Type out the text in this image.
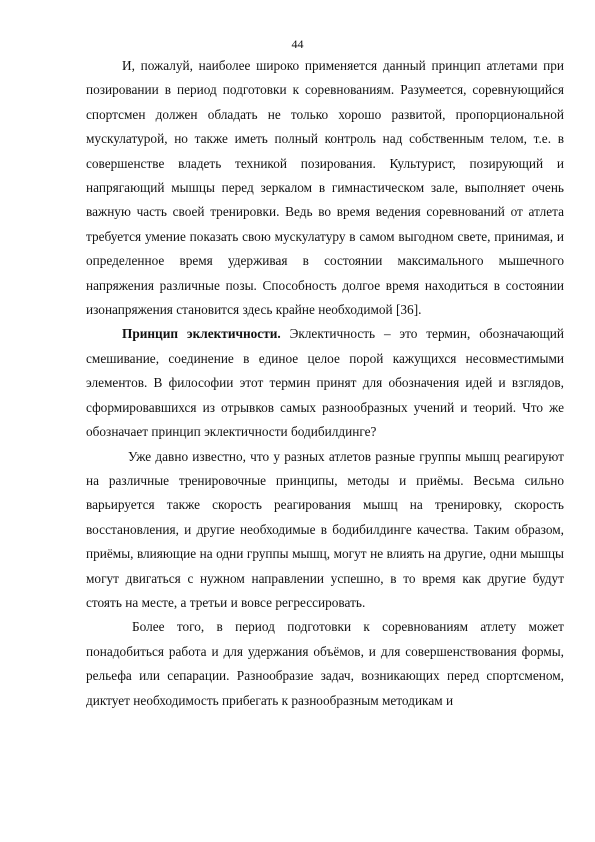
44

И, пожалуй, наиболее широко применяется данный принцип атлетами при позировании в период подготовки к соревнованиям. Разумеется, соревнующийся спортсмен должен обладать не только хорошо развитой, пропорциональной мускулатурой, но также иметь полный контроль над собственным телом, т.е. в совершенстве владеть техникой позирования. Культурист, позирующий и напрягающий мышцы перед зеркалом в гимнастическом зале, выполняет очень важную часть своей тренировки. Ведь во время ведения соревнований от атлета требуется умение показать свою мускулатуру в самом выгодном свете, принимая, и определенное время удерживая в состоянии максимального мышечного напряжения различные позы. Способность долгое время находиться в состоянии изонапряжения становится здесь крайне необходимой [36].

Принцип эклектичности. Эклектичность – это термин, обозначающий смешивание, соединение в единое целое порой кажущихся несовместимыми элементов. В философии этот термин принят для обозначения идей и взглядов, сформировавшихся из отрывков самых разнообразных учений и теорий. Что же обозначает принцип эклектичности бодибилдинге?

Уже давно известно, что у разных атлетов разные группы мышц реагируют на различные тренировочные принципы, методы и приёмы. Весьма сильно варьируется также скорость реагирования мышц на тренировку, скорость восстановления, и другие необходимые в бодибилдинге качества. Таким образом, приёмы, влияющие на одни группы мышц, могут не влиять на другие, одни мышцы могут двигаться с нужном направлении успешно, в то время как другие будут стоять на месте, а третьи и вовсе регрессировать.

Более того, в период подготовки к соревнованиям атлету может понадобиться работа и для удержания объёмов, и для совершенствования формы, рельефа или сепарации. Разнообразие задач, возникающих перед спортсменом, диктует необходимость прибегать к разнообразным методикам и
